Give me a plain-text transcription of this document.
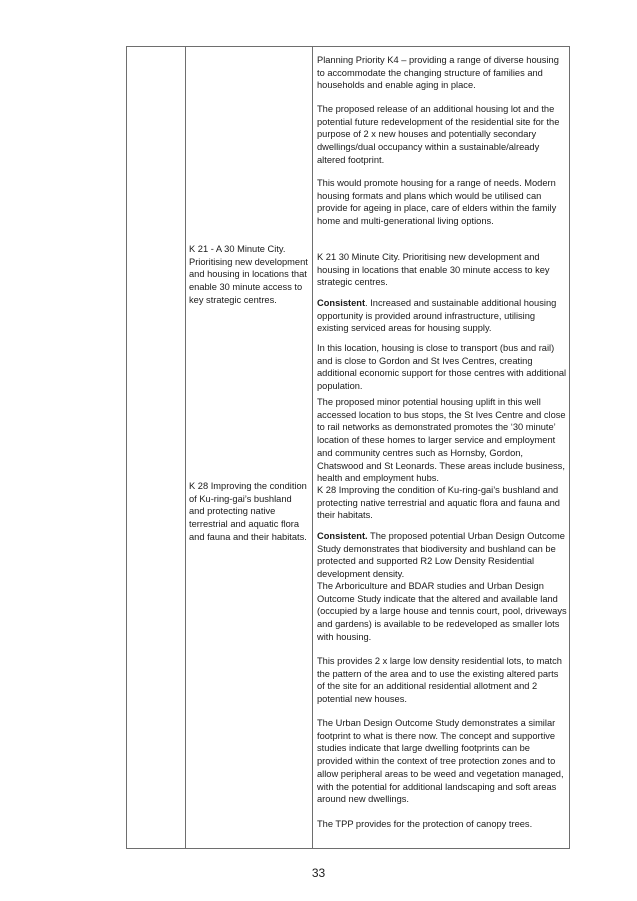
K 21 - A 30 Minute City. Prioritising new development and housing in locations that enable 30 minute access to key strategic centres.

K 28 Improving the condition of Ku-ring-gai’s bushland and protecting native terrestrial and aquatic flora and fauna and their habitats.

Planning Priority K4 – providing a range of diverse housing to accommodate the changing structure of families and households and enable aging in place.

The proposed release of an additional housing lot and the potential future redevelopment of the residential site for the purpose of 2 x new houses and potentially secondary dwellings/dual occupancy within a sustainable/already altered footprint.

This would promote housing for a range of needs. Modern housing formats and plans which would be utilised can provide for ageing in place, care of elders within the family home and multi-generational living options.

K 21 30 Minute City. Prioritising new development and housing in locations that enable 30 minute access to key strategic centres.

Consistent. Increased and sustainable additional housing opportunity is provided around infrastructure, utilising existing serviced areas for housing supply.

In this location, housing is close to transport (bus and rail) and is close to Gordon and St Ives Centres, creating additional economic support for those centres with additional population.

The proposed minor potential housing uplift in this well accessed location to bus stops, the St Ives Centre and close to rail networks as demonstrated promotes the ‘30 minute’ location of these homes to larger service and employment and community centres such as Hornsby, Gordon, Chatswood and St Leonards. These areas include business, health and employment hubs.

K 28 Improving the condition of Ku-ring-gai’s bushland and protecting native terrestrial and aquatic flora and fauna and their habitats.

Consistent. The proposed potential Urban Design Outcome Study demonstrates that biodiversity and bushland can be protected and supported R2 Low Density Residential development density.

The Arboriculture and BDAR studies and Urban Design Outcome Study indicate that the altered and available land (occupied by a large house and tennis court, pool, driveways and gardens) is available to be redeveloped as smaller lots with housing.

This provides 2 x large low density residential lots, to match the pattern of the area and to use the existing altered parts of the site for an additional residential allotment and 2 potential new houses.

The Urban Design Outcome Study demonstrates a similar footprint to what is there now. The concept and supportive studies indicate that large dwelling footprints can be provided within the context of tree protection zones and to allow peripheral areas to be weed and vegetation managed, with the potential for additional landscaping and soft areas around new dwellings.

The TPP provides for the protection of canopy trees.

33
